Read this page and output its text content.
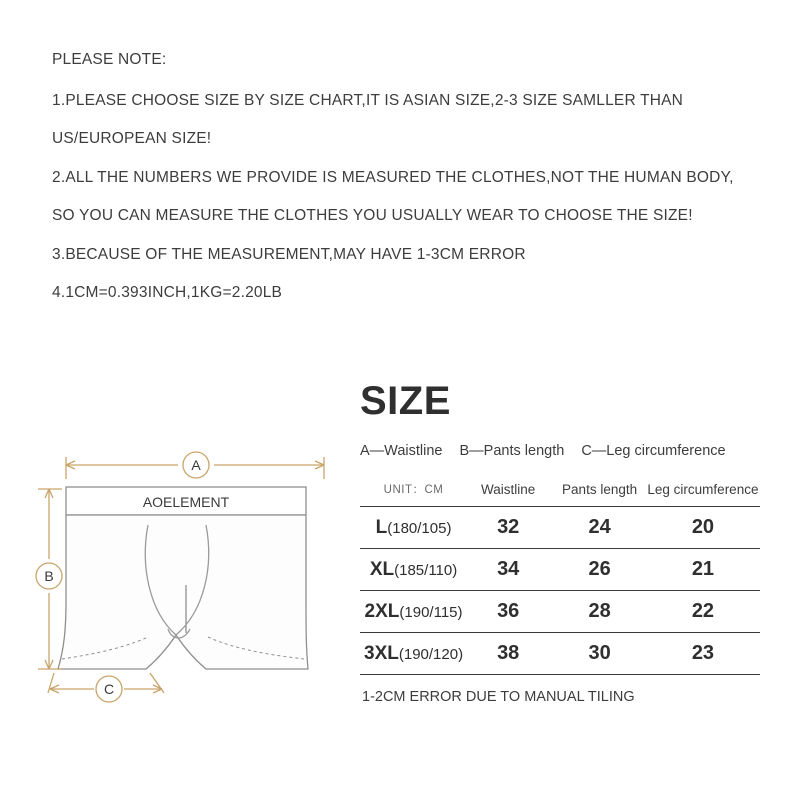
PLEASE NOTE:
1.PLEASE CHOOSE SIZE BY SIZE CHART,IT IS ASIAN SIZE,2-3 SIZE SAMLLER THAN
US/EUROPEAN SIZE!
2.ALL THE NUMBERS WE PROVIDE IS MEASURED THE CLOTHES,NOT THE HUMAN BODY,
SO YOU CAN MEASURE THE CLOTHES YOU USUALLY WEAR TO CHOOSE THE SIZE!
3.BECAUSE OF THE MEASUREMENT,MAY HAVE 1-3CM ERROR
4.1CM=0.393INCH,1KG=2.20LB
AOELEMENT
A
B
C
SIZE
A—Waistline B—Pants length C—Leg circumference
UNIT：CM	Waistline	Pants length	Leg circumference
L(180/105)	32	24	20
XL(185/110)	34	26	21
2XL(190/115)	36	28	22
3XL(190/120)	38	30	23
1-2CM ERROR DUE TO MANUAL TILING
